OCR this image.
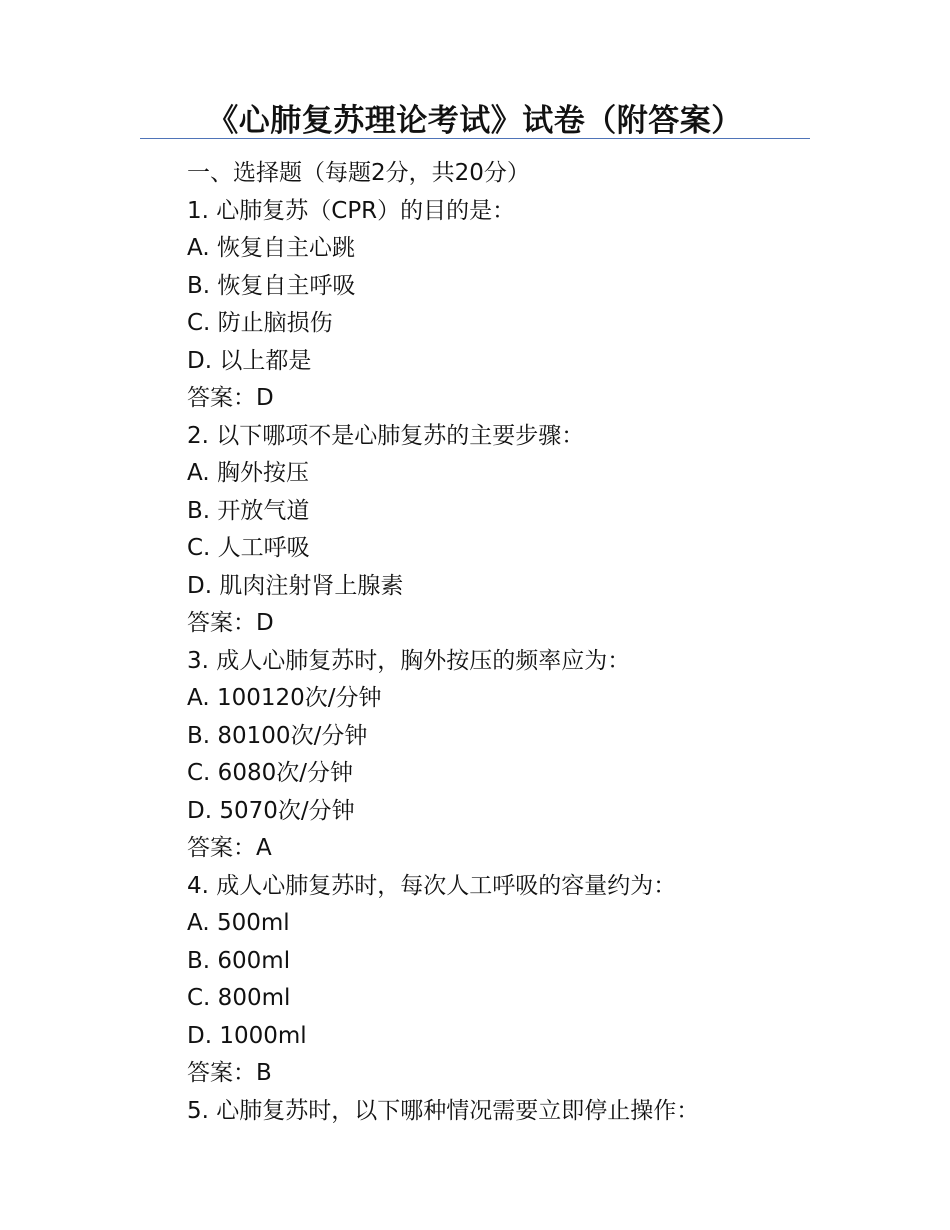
《心肺复苏理论考试》试卷（附答案）
一、选择题（每题2分，共20分）
1. 心肺复苏（CPR）的目的是：
A. 恢复自主心跳
B. 恢复自主呼吸
C. 防止脑损伤
D. 以上都是
答案：D
2. 以下哪项不是心肺复苏的主要步骤：
A. 胸外按压
B. 开放气道
C. 人工呼吸
D. 肌肉注射肾上腺素
答案：D
3. 成人心肺复苏时，胸外按压的频率应为：
A. 100120次/分钟
B. 80100次/分钟
C. 6080次/分钟
D. 5070次/分钟
答案：A
4. 成人心肺复苏时，每次人工呼吸的容量约为：
A. 500ml
B. 600ml
C. 800ml
D. 1000ml
答案：B
5. 心肺复苏时，以下哪种情况需要立即停止操作：
